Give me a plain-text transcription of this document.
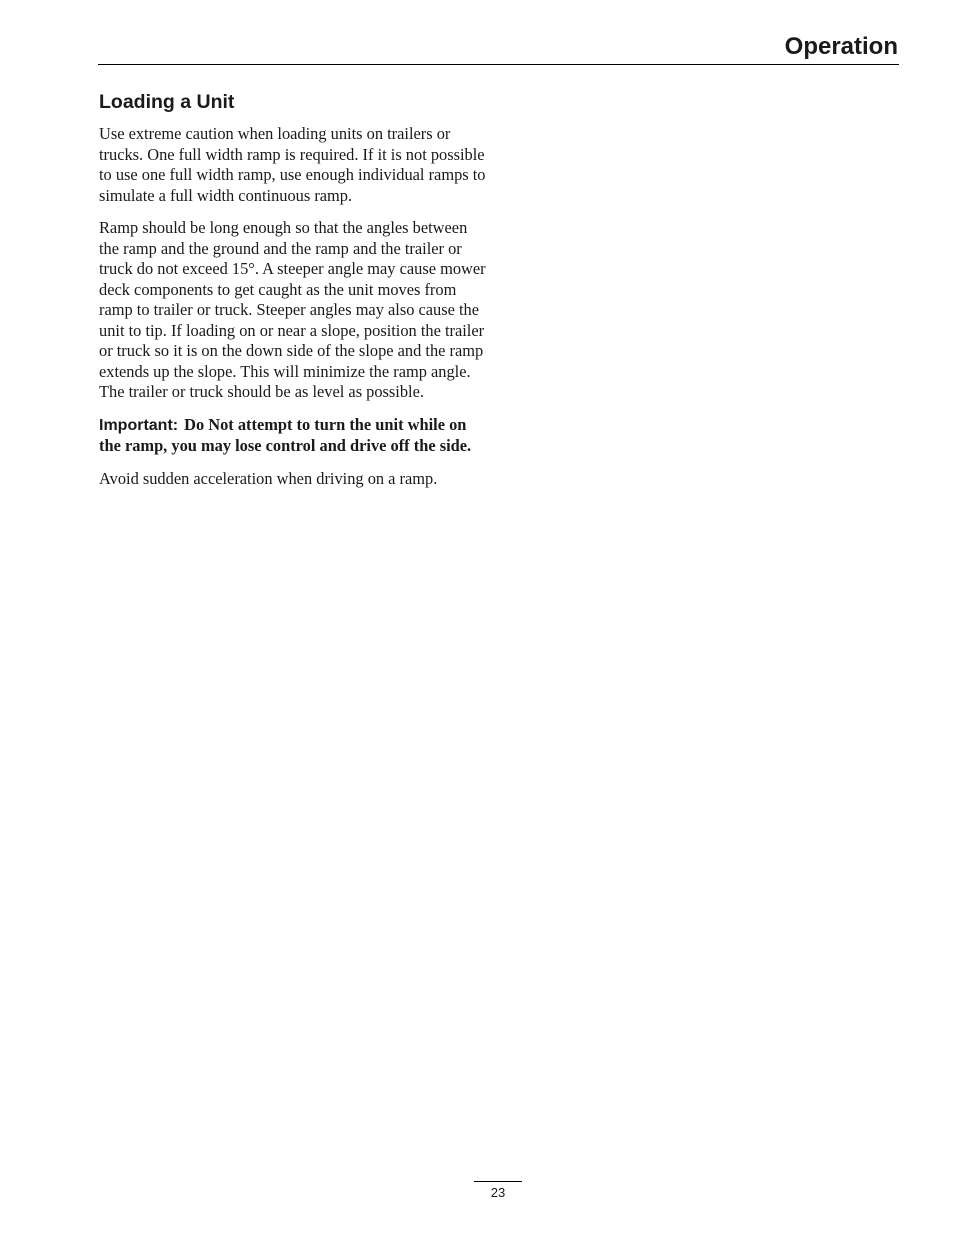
Operation
Loading a Unit

Use extreme caution when loading units on trailers or trucks. One full width ramp is required. If it is not possible to use one full width ramp, use enough individual ramps to simulate a full width continuous ramp.

Ramp should be long enough so that the angles between the ramp and the ground and the ramp and the trailer or truck do not exceed 15°. A steeper angle may cause mower deck components to get caught as the unit moves from ramp to trailer or truck. Steeper angles may also cause the unit to tip. If loading on or near a slope, position the trailer or truck so it is on the down side of the slope and the ramp extends up the slope. This will minimize the ramp angle. The trailer or truck should be as level as possible.

Important: Do Not attempt to turn the unit while on the ramp, you may lose control and drive off the side.

Avoid sudden acceleration when driving on a ramp.

23
